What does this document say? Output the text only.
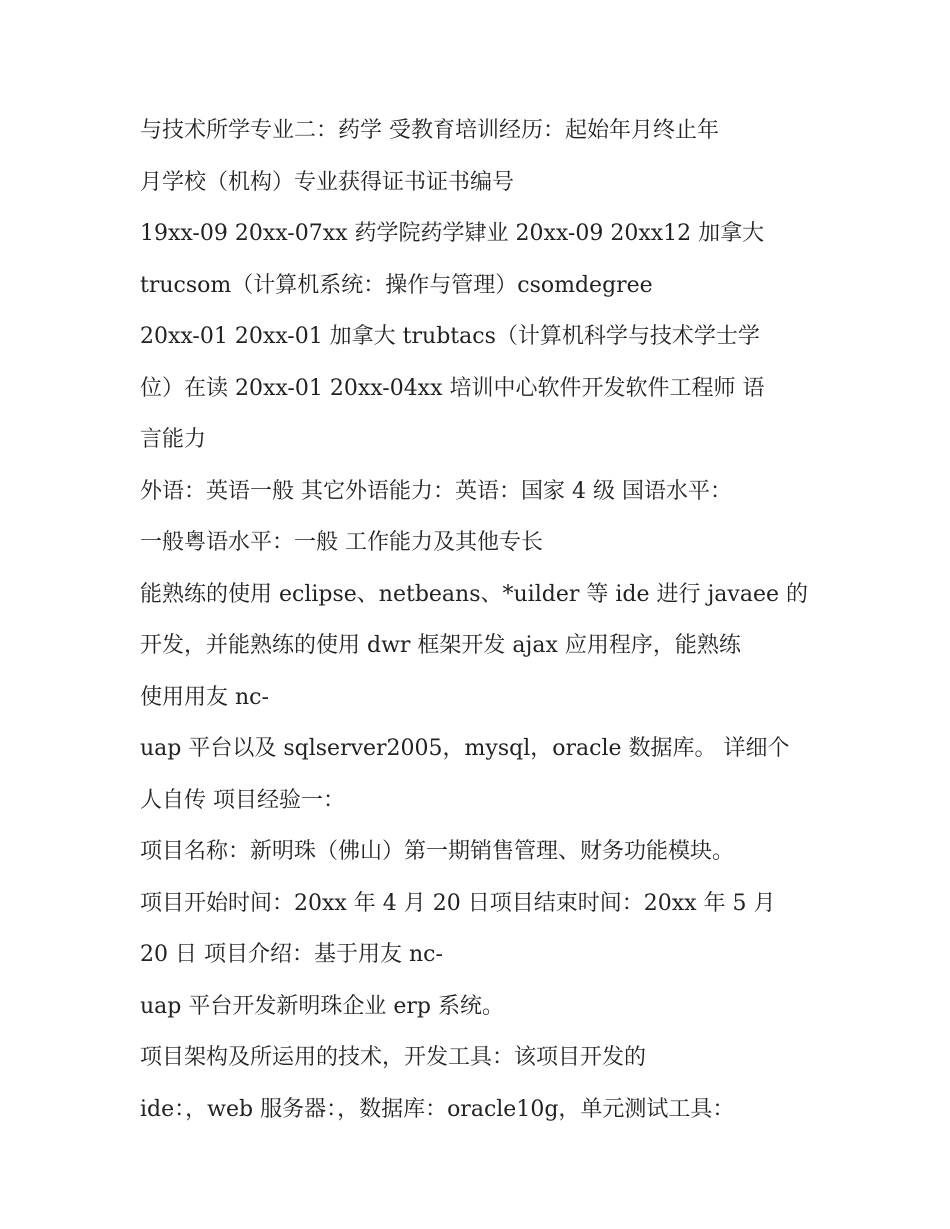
与技术所学专业二：药学 受教育培训经历：起始年月终止年
月学校（机构）专业获得证书证书编号
19xx-09 20xx-07xx 药学院药学肄业 20xx-09 20xx12 加拿大
trucsom（计算机系统：操作与管理）csomdegree
20xx-01 20xx-01 加拿大 trubtacs（计算机科学与技术学士学
位）在读 20xx-01 20xx-04xx 培训中心软件开发软件工程师 语
言能力
外语：英语一般 其它外语能力：英语：国家 4 级 国语水平：
一般粤语水平：一般 工作能力及其他专长
能熟练的使用 eclipse、netbeans、*uilder 等 ide 进行 javaee 的
开发，并能熟练的使用 dwr 框架开发 ajax 应用程序，能熟练
使用用友 nc-
uap 平台以及 sqlserver2005，mysql，oracle 数据库。 详细个
人自传 项目经验一：
项目名称：新明珠（佛山）第一期销售管理、财务功能模块。
项目开始时间：20xx 年 4 月 20 日项目结束时间：20xx 年 5 月
20 日 项目介绍：基于用友 nc-
uap 平台开发新明珠企业 erp 系统。
项目架构及所运用的技术，开发工具：该项目开发的
ide：，web 服务器：，数据库：oracle10g，单元测试工具：
